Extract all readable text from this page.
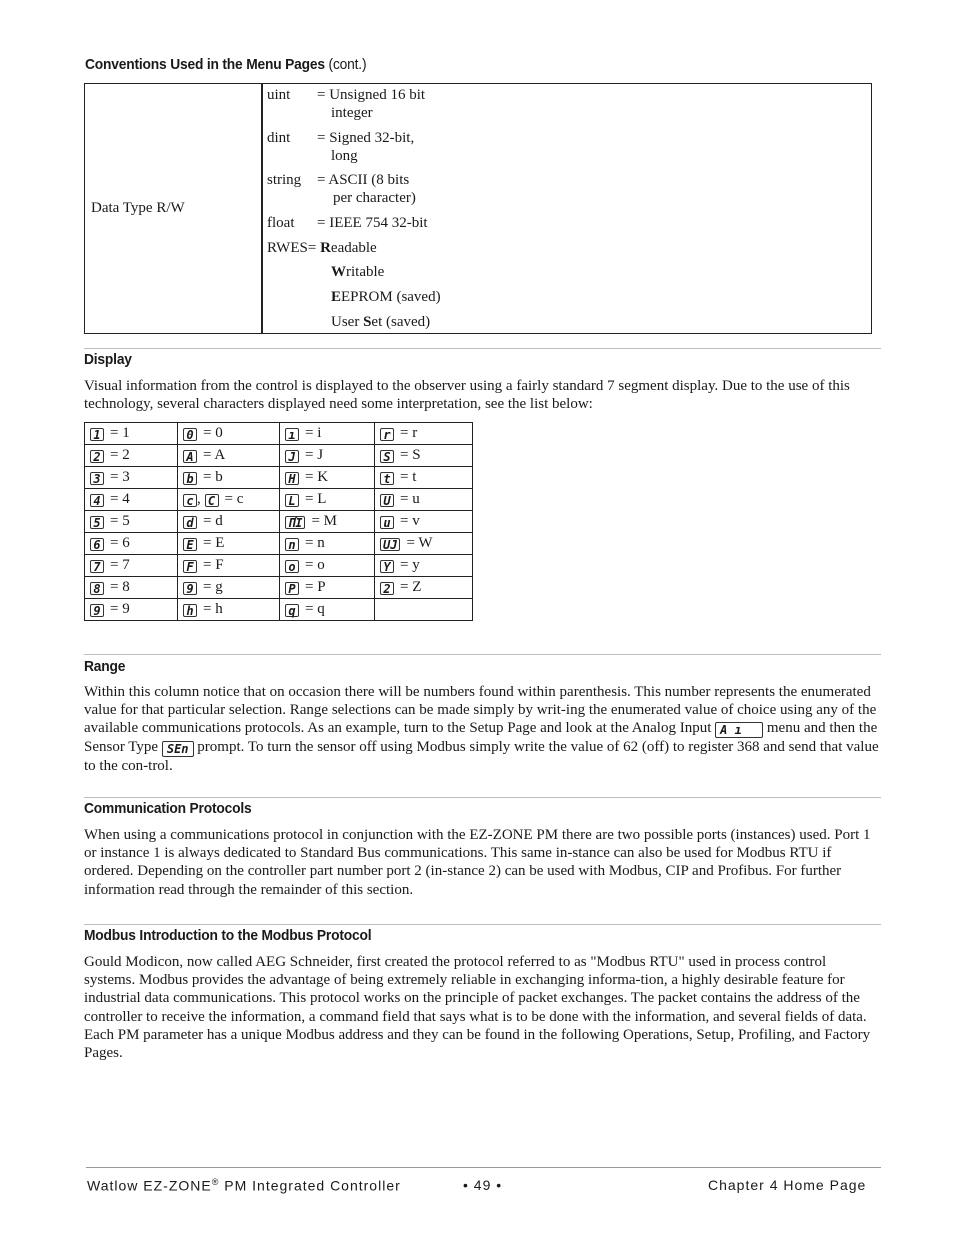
Conventions Used in the Menu Pages (cont.)
Data Type R/W
uint = Unsigned 16 bit
integer
dint = Signed 32-bit,
long
string = ASCII (8 bits
per character)
float = IEEE 754 32-bit
RWES= Readable
Writable
EEPROM (saved)
User Set (saved)
Display
Visual information from the control is displayed to the observer using a fairly standard 7 segment display. Due to the use of this technology, several characters displayed need some interpretation, see the list below:
1 = 1	0 = 0	ı = i	r = r
2 = 2	A = A	J = J	S = S
3 = 3	b = b	H = K	t = t
4 = 4	c , C = c	L = L	U = u
5 = 5	d = d	ΠΊ = M	u = v
6 = 6	E = E	n = n	UJ = W
7 = 7	F = F	o = o	Y = y
8 = 8	9 = g	P = P	2 = Z
9 = 9	h = h	q = q	
Range
Within this column notice that on occasion there will be numbers found within parenthesis. This number represents the enumerated value for that particular selection. Range selections can be made simply by writ-ing the enumerated value of choice using any of the available communications protocols. As an example, turn to the Setup Page and look at the Analog Input A ı menu and then the Sensor Type SEn prompt. To turn the sensor off using Modbus simply write the value of 62 (off) to register 368 and send that value to the con-trol.
Communication Protocols
When using a communications protocol in conjunction with the EZ-ZONE PM there are two possible ports (instances) used. Port 1 or instance 1 is always dedicated to Standard Bus communications. This same in-stance can also be used for Modbus RTU if ordered. Depending on the controller part number port 2 (in-stance 2) can be used with Modbus, CIP and Profibus. For further information read through the remainder of this section.
Modbus Introduction to the Modbus Protocol
Gould Modicon, now called AEG Schneider, first created the protocol referred to as "Modbus RTU" used in process control systems. Modbus provides the advantage of being extremely reliable in exchanging informa-tion, a highly desirable feature for industrial data communications. This protocol works on the principle of packet exchanges. The packet contains the address of the controller to receive the information, a command field that says what is to be done with the information, and several fields of data. Each PM parameter has a unique Modbus address and they can be found in the following Operations, Setup, Profiling, and Factory Pages.
Watlow EZ-ZONE® PM Integrated Controller	• 49 •	Chapter 4 Home Page
